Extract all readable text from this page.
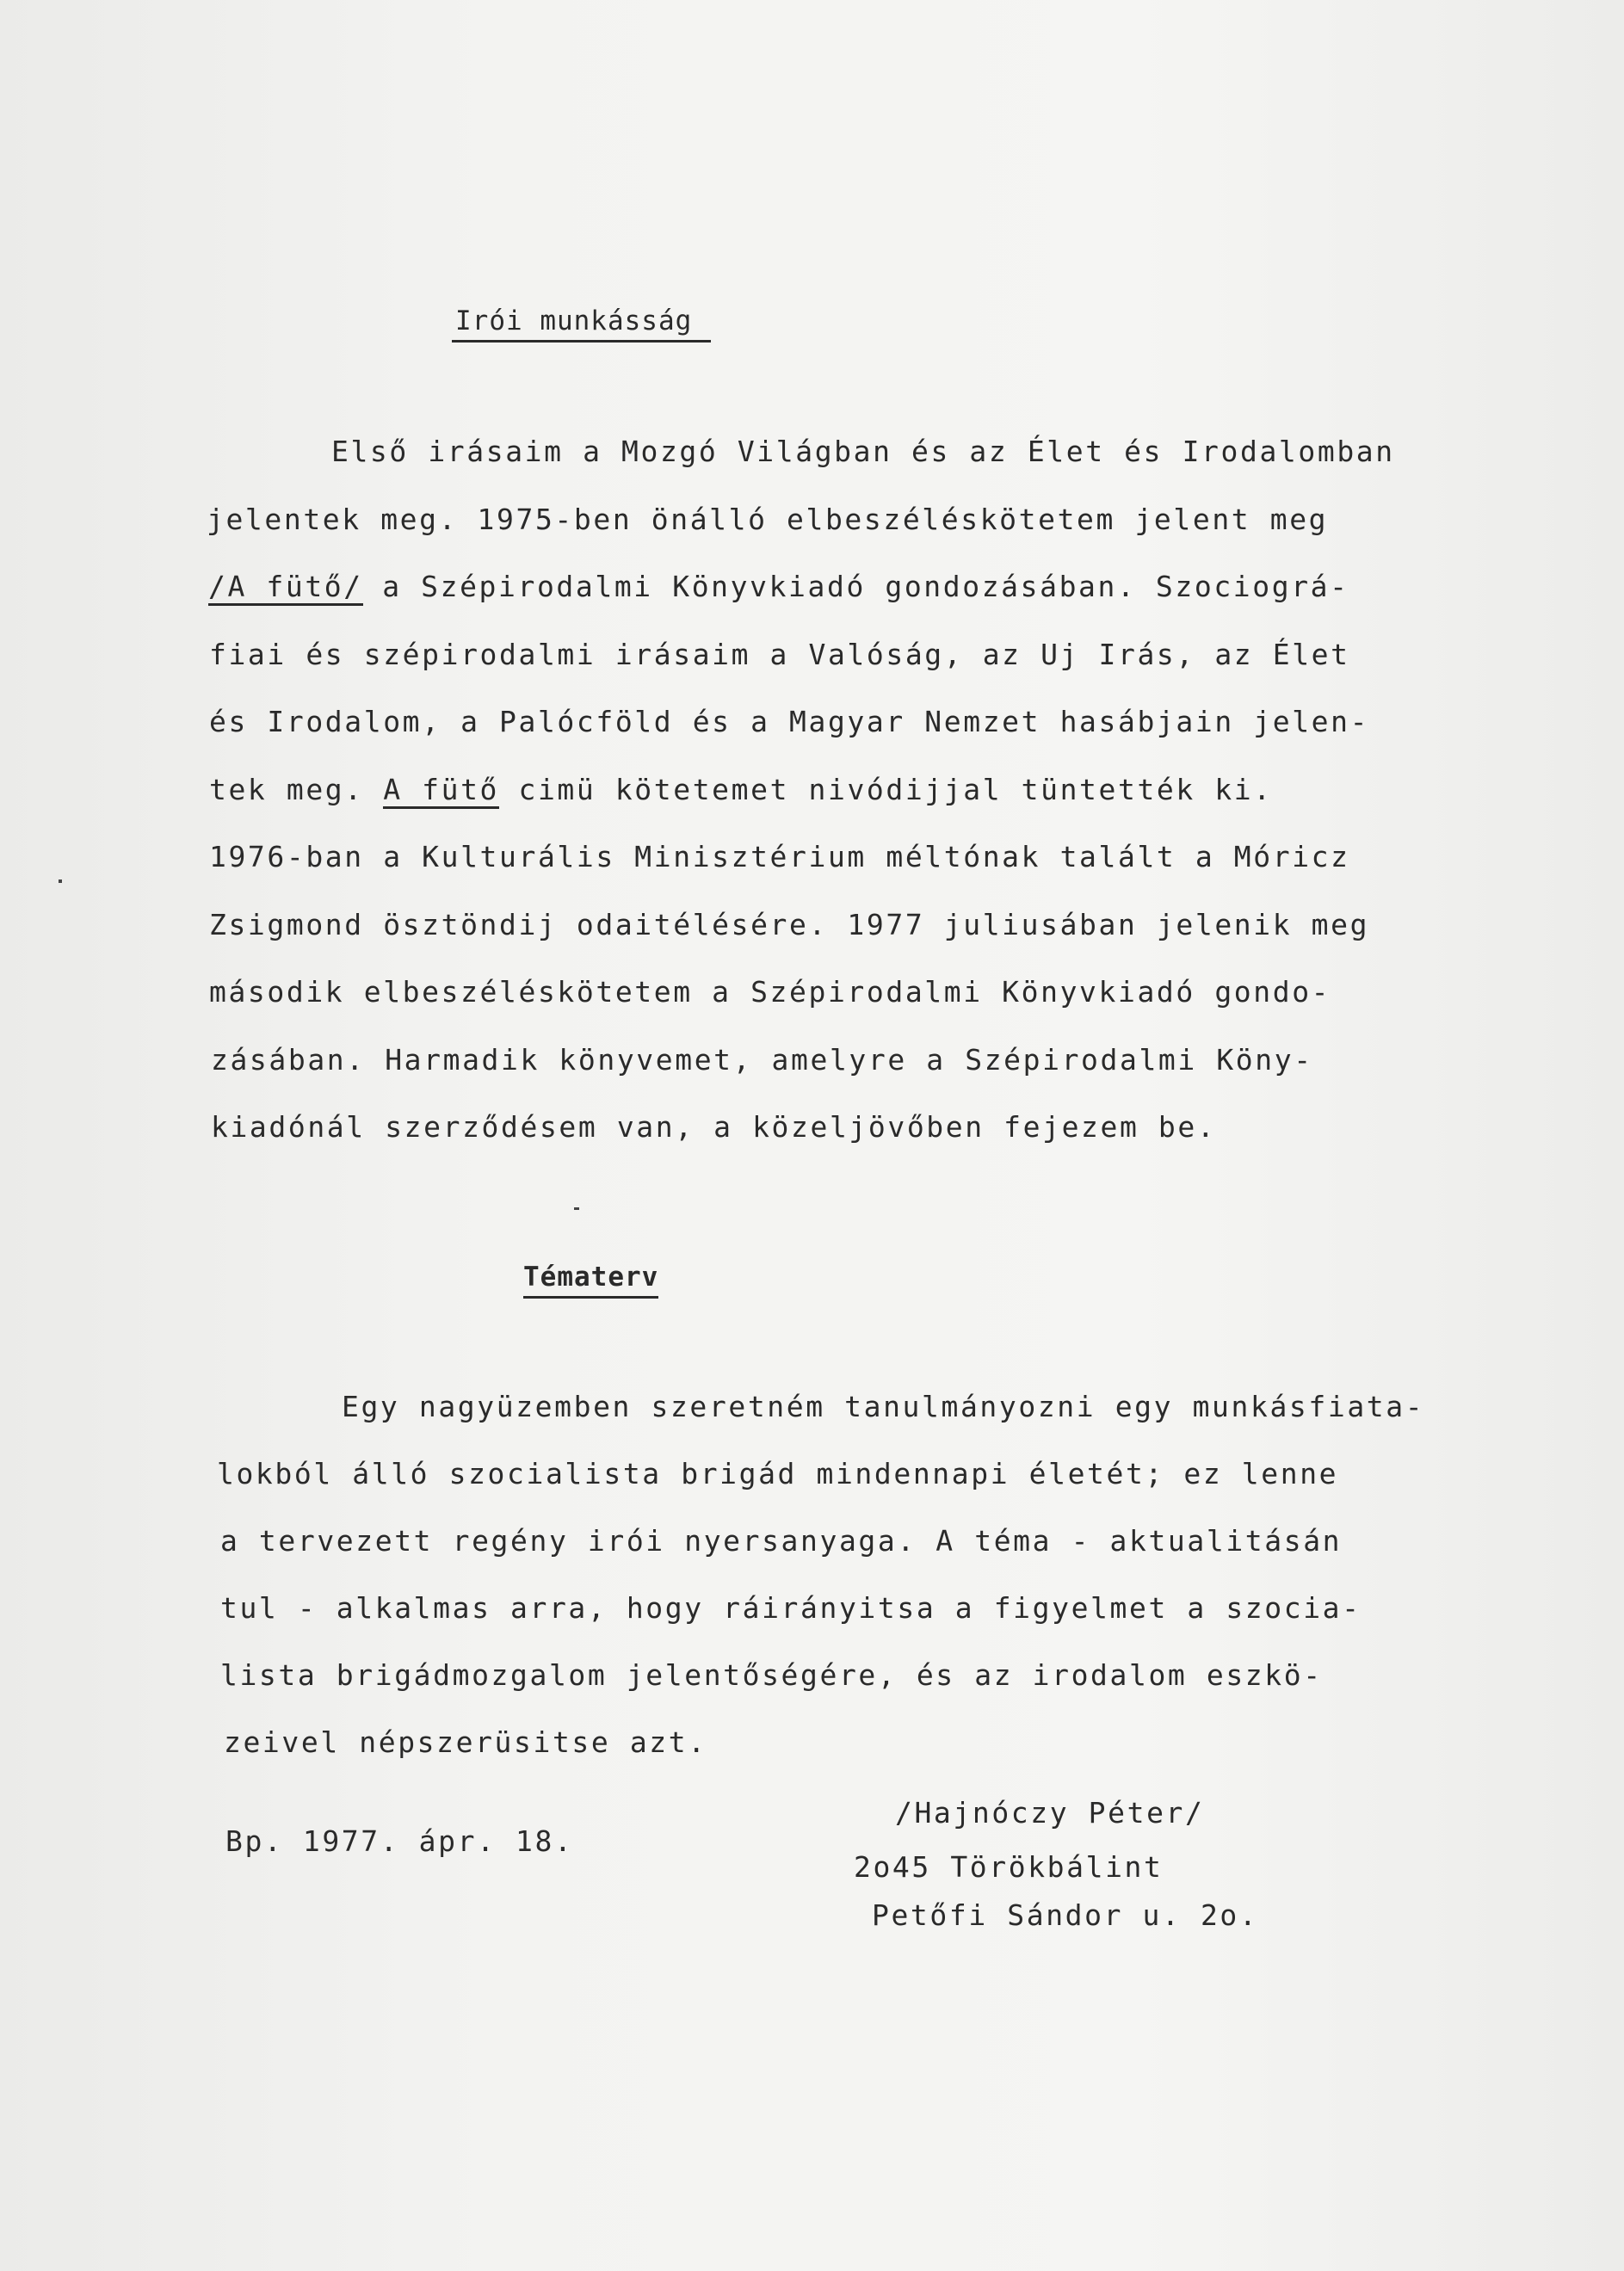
Irói munkásság
Első irásaim a Mozgó Világban és az Élet és Irodalomban
jelentek meg. 1975-ben önálló elbeszéléskötetem jelent meg
/A fütő/ a Szépirodalmi Könyvkiadó gondozásában. Szociográ-
fiai és szépirodalmi irásaim a Valóság, az Uj Irás, az Élet
és Irodalom, a Palócföld és a Magyar Nemzet hasábjain jelen-
tek meg. A fütő cimü kötetemet nivódijjal tüntették ki.
1976-ban a Kulturális Minisztérium méltónak talált a Móricz
Zsigmond ösztöndij odaitélésére. 1977 juliusában jelenik meg
második elbeszéléskötetem a Szépirodalmi Könyvkiadó gondo-
zásában. Harmadik könyvemet, amelyre a Szépirodalmi Köny-
kiadónál szerződésem van, a közeljövőben fejezem be.
Tématerv
Egy nagyüzemben szeretném tanulmányozni egy munkásfiata-
lokból álló szocialista brigád mindennapi életét; ez lenne
a tervezett regény irói nyersanyaga. A téma - aktualitásán
tul - alkalmas arra, hogy ráirányitsa a figyelmet a szocia-
lista brigádmozgalom jelentőségére, és az irodalom eszkö-
zeivel népszerüsitse azt.
Bp. 1977. ápr. 18.
/Hajnóczy Péter/
2o45 Törökbálint
Petőfi Sándor u. 2o.
